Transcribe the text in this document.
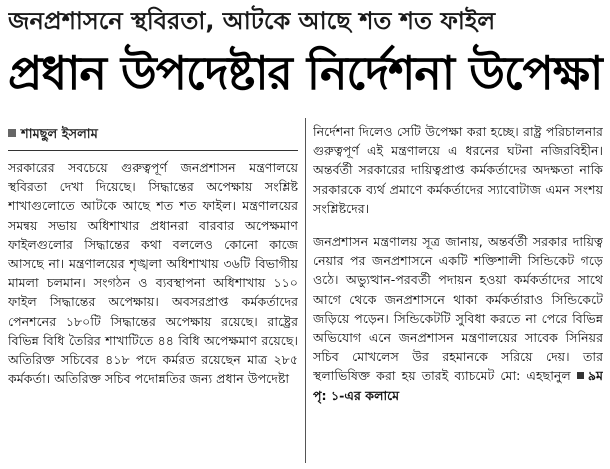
জনপ্রশাসনে স্থবিরতা, আটকে আছে শত শত ফাইল
প্রধান উপদেষ্টার নির্দেশনা উপেক্ষা
শামছুল ইসলাম

সরকারের সবচেয়ে গুরুত্বপূর্ণ জনপ্রশাসন মন্ত্রণালয়ে স্থবিরতা দেখা দিয়েছে। সিদ্ধান্তের অপেক্ষায় সংশ্লিষ্ট শাখাগুলোতে আটকে আছে শত শত ফাইল। মন্ত্রণালয়ের সমন্বয় সভায় অধিশাখার প্রধানরা বারবার অপেক্ষমাণ ফাইলগুলোর সিদ্ধান্তের কথা বললেও কোনো কাজে আসছে না। মন্ত্রণালয়ের শৃঙ্খলা অধিশাখায় ৩৬টি বিভাগীয় মামলা চলমান। সংগঠন ও ব্যবস্থাপনা অধিশাখায় ১১০ ফাইল সিদ্ধান্তের অপেক্ষায়। অবসরপ্রাপ্ত কর্মকর্তাদের পেনশনের ১৮০টি সিদ্ধান্তের অপেক্ষায় রয়েছে। রাষ্ট্রের বিভিন্ন বিধি তৈরির শাখাটিতে ৪৪ বিধি অপেক্ষমাণ রয়েছে। অতিরিক্ত সচিবের ৪১৮ পদে কর্মরত রয়েছেন মাত্র ২৮৫ কর্মকর্তা। অতিরিক্ত সচিব পদোন্নতির জন্য প্রধান উপদেষ্টা

নির্দেশনা দিলেও সেটি উপেক্ষা করা হচ্ছে। রাষ্ট্র পরিচালনার গুরুত্বপূর্ণ এই মন্ত্রণালয়ে এ ধরনের ঘটনা নজিরবিহীন। অন্তর্বর্তী সরকারের দায়িত্বপ্রাপ্ত কর্মকর্তাদের অদক্ষতা নাকি সরকারকে ব্যর্থ প্রমাণে কর্মকর্তাদের স্যাবোটাজ এমন সংশয় সংশ্লিষ্টদের।

জনপ্রশাসন মন্ত্রণালয় সূত্র জানায়, অন্তর্বর্তী সরকার দায়িত্ব নেয়ার পর জনপ্রশাসনে একটি শক্তিশালী সিন্ডিকেট গড়ে ওঠে। অভ্যুত্থান-পরবর্তী পদায়ন হওয়া কর্মকর্তাদের সাথে আগে থেকে জনপ্রশাসনে থাকা কর্মকর্তারাও সিন্ডিকেটে জড়িয়ে পড়েন। সিন্ডিকেটটি সুবিধা করতে না পেরে বিভিন্ন অভিযোগ এনে জনপ্রশাসন মন্ত্রণালয়ের সাবেক সিনিয়র সচিব মোখলেস উর রহমানকে সরিয়ে দেয়। তার স্থলাভিষিক্ত করা হয় তারই ব্যাচমেট মো: এহছানুল ৯ম পৃ: ১-এর কলামে
